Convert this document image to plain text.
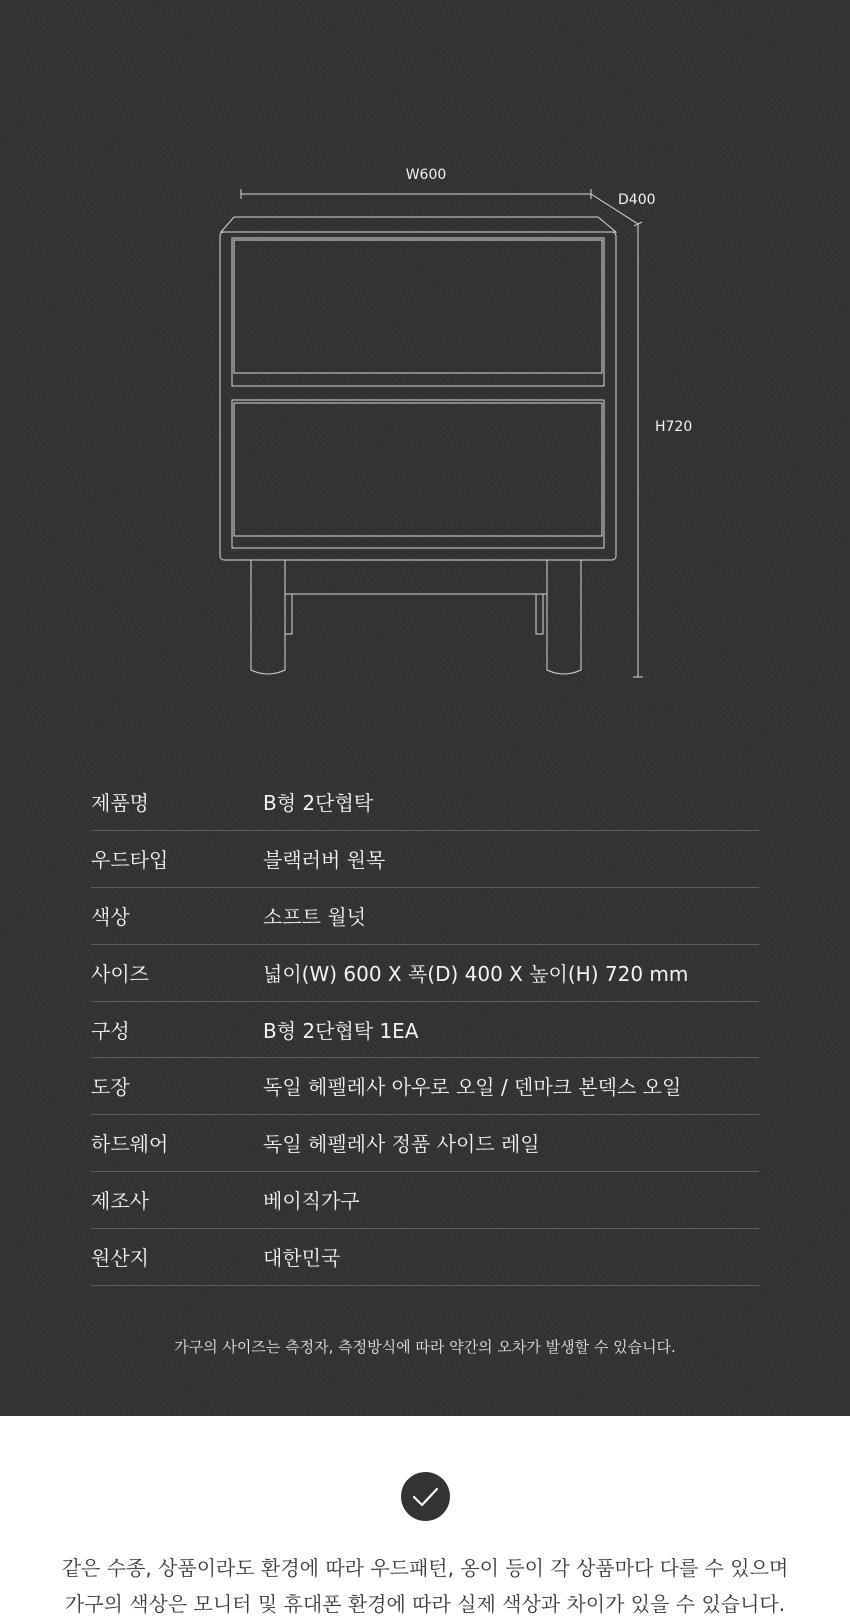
W600
D400
H720
제품명	B형 2단협탁
우드타입	블랙러버 원목
색상	소프트 월넛
사이즈	넓이(W) 600 X 폭(D) 400 X 높이(H) 720 mm
구성	B형 2단협탁 1EA
도장	독일 헤펠레사 아우로 오일 / 덴마크 본덱스 오일
하드웨어	독일 헤펠레사 정품 사이드 레일
제조사	베이직가구
원산지	대한민국
가구의 사이즈는 측정자, 측정방식에 따라 약간의 오차가 발생할 수 있습니다.
같은 수종, 상품이라도 환경에 따라 우드패턴, 옹이 등이 각 상품마다 다를 수 있으며
가구의 색상은 모니터 및 휴대폰 환경에 따라 실제 색상과 차이가 있을 수 있습니다.
